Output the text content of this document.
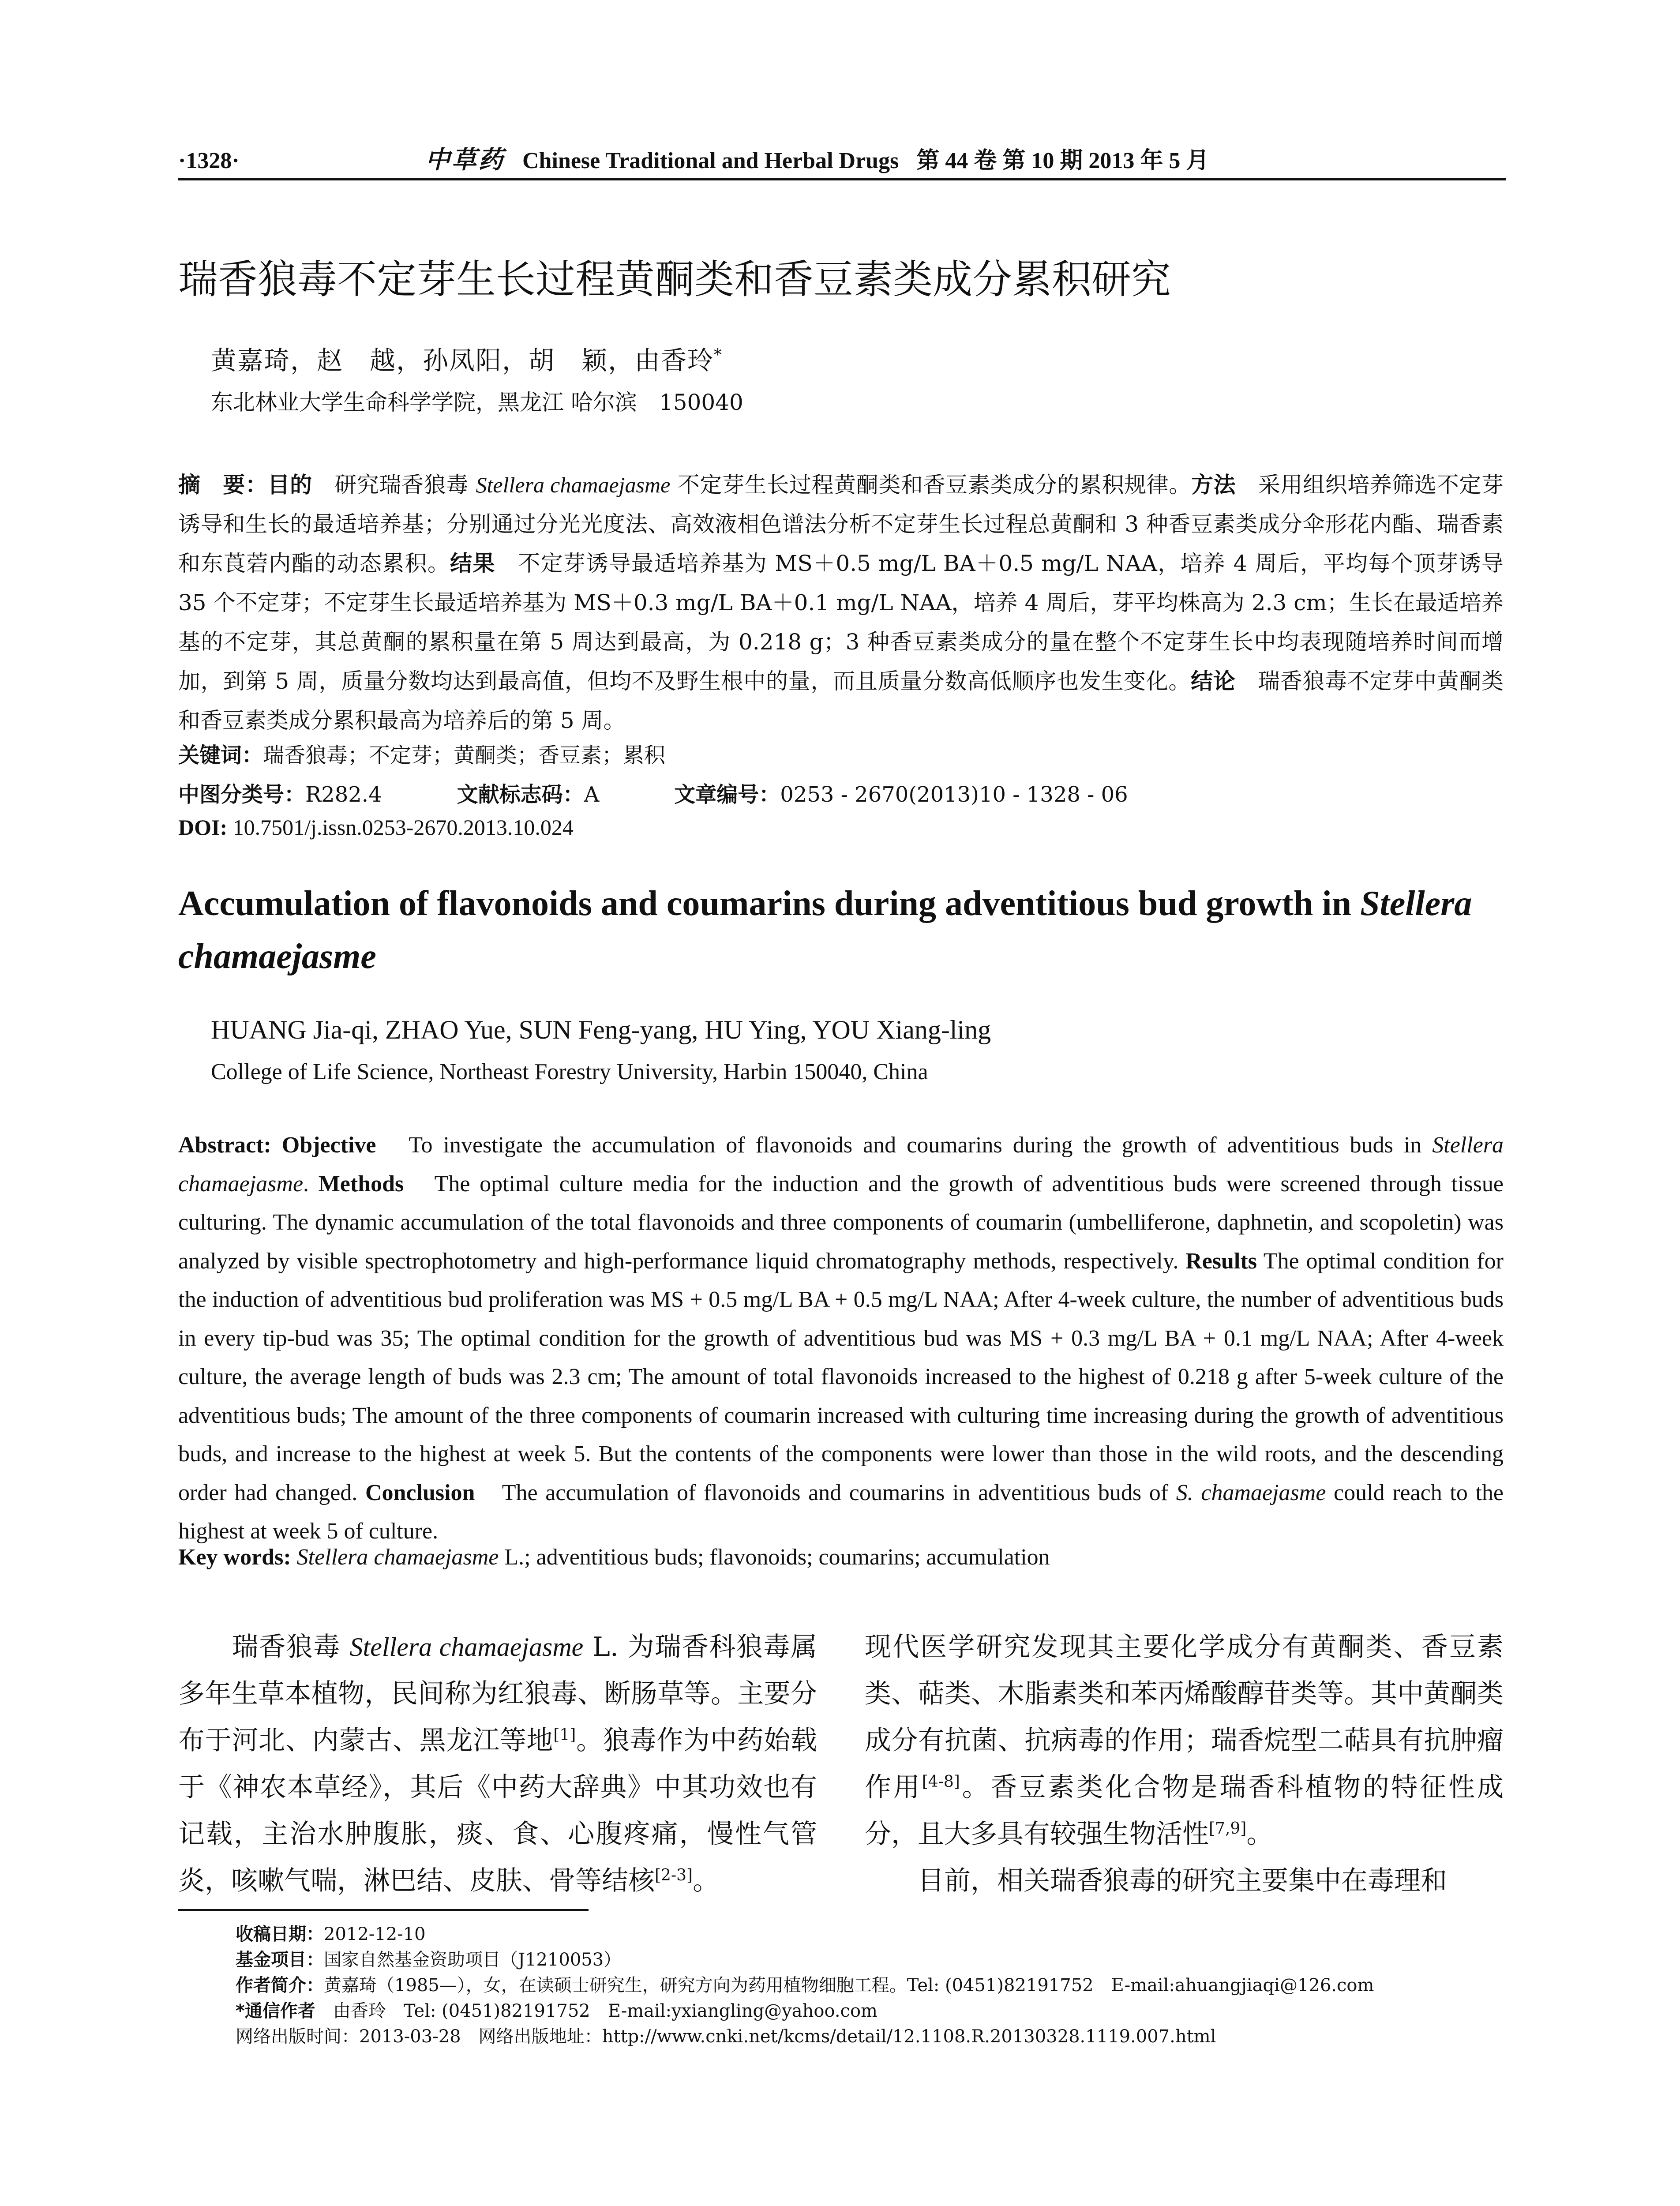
·1328·	中草药 Chinese Traditional and Herbal Drugs 第 44 卷 第 10 期 2013 年 5 月
瑞香狼毒不定芽生长过程黄酮类和香豆素类成分累积研究
黄嘉琦，赵　越，孙凤阳，胡　颖，由香玲*
东北林业大学生命科学学院，黑龙江 哈尔滨　150040
摘　要：目的　研究瑞香狼毒 Stellera chamaejasme 不定芽生长过程黄酮类和香豆素类成分的累积规律。方法　采用组织培养筛选不定芽诱导和生长的最适培养基；分别通过分光光度法、高效液相色谱法分析不定芽生长过程总黄酮和 3 种香豆素类成分伞形花内酯、瑞香素和东莨菪内酯的动态累积。结果　不定芽诱导最适培养基为 MS＋0.5 mg/L BA＋0.5 mg/L NAA，培养 4 周后，平均每个顶芽诱导 35 个不定芽；不定芽生长最适培养基为 MS＋0.3 mg/L BA＋0.1 mg/L NAA，培养 4 周后，芽平均株高为 2.3 cm；生长在最适培养基的不定芽，其总黄酮的累积量在第 5 周达到最高，为 0.218 g；3 种香豆素类成分的量在整个不定芽生长中均表现随培养时间而增加，到第 5 周，质量分数均达到最高值，但均不及野生根中的量，而且质量分数高低顺序也发生变化。结论　瑞香狼毒不定芽中黄酮类和香豆素类成分累积最高为培养后的第 5 周。
关键词：瑞香狼毒；不定芽；黄酮类；香豆素；累积
中图分类号：R282.4	文献标志码：A	文章编号：0253 - 2670(2013)10 - 1328 - 06
DOI: 10.7501/j.issn.0253-2670.2013.10.024
Accumulation of flavonoids and coumarins during adventitious bud growth in Stellera chamaejasme
HUANG Jia-qi, ZHAO Yue, SUN Feng-yang, HU Ying, YOU Xiang-ling
College of Life Science, Northeast Forestry University, Harbin 150040, China
Abstract: Objective　To investigate the accumulation of flavonoids and coumarins during the growth of adventitious buds in Stellera chamaejasme. Methods　The optimal culture media for the induction and the growth of adventitious buds were screened through tissue culturing. The dynamic accumulation of the total flavonoids and three components of coumarin (umbelliferone, daphnetin, and scopoletin) was analyzed by visible spectrophotometry and high-performance liquid chromatography methods, respectively. Results The optimal condition for the induction of adventitious bud proliferation was MS + 0.5 mg/L BA + 0.5 mg/L NAA; After 4-week culture, the number of adventitious buds in every tip-bud was 35; The optimal condition for the growth of adventitious bud was MS + 0.3 mg/L BA + 0.1 mg/L NAA; After 4-week culture, the average length of buds was 2.3 cm; The amount of total flavonoids increased to the highest of 0.218 g after 5-week culture of the adventitious buds; The amount of the three components of coumarin increased with culturing time increasing during the growth of adventitious buds, and increase to the highest at week 5. But the contents of the components were lower than those in the wild roots, and the descending order had changed. Conclusion　The accumulation of flavonoids and coumarins in adventitious buds of S. chamaejasme could reach to the highest at week 5 of culture.
Key words: Stellera chamaejasme L.; adventitious buds; flavonoids; coumarins; accumulation
瑞香狼毒 Stellera chamaejasme L. 为瑞香科狼毒属多年生草本植物，民间称为红狼毒、断肠草等。主要分布于河北、内蒙古、黑龙江等地[1]。狼毒作为中药始载于《神农本草经》，其后《中药大辞典》中其功效也有记载，主治水肿腹胀，痰、食、心腹疼痛，慢性气管炎，咳嗽气喘，淋巴结、皮肤、骨等结核[2-3]。
现代医学研究发现其主要化学成分有黄酮类、香豆素类、萜类、木脂素类和苯丙烯酸醇苷类等。其中黄酮类成分有抗菌、抗病毒的作用；瑞香烷型二萜具有抗肿瘤作用[4-8]。香豆素类化合物是瑞香科植物的特征性成分，且大多具有较强生物活性[7,9]。
目前，相关瑞香狼毒的研究主要集中在毒理和
收稿日期：2012-12-10
基金项目：国家自然基金资助项目（J1210053）
作者简介：黄嘉琦（1985—），女，在读硕士研究生，研究方向为药用植物细胞工程。Tel: (0451)82191752　E-mail:ahuangjiaqi@126.com
*通信作者　由香玲　Tel: (0451)82191752　E-mail:yxiangling@yahoo.com
网络出版时间：2013-03-28　网络出版地址：http://www.cnki.net/kcms/detail/12.1108.R.20130328.1119.007.html
